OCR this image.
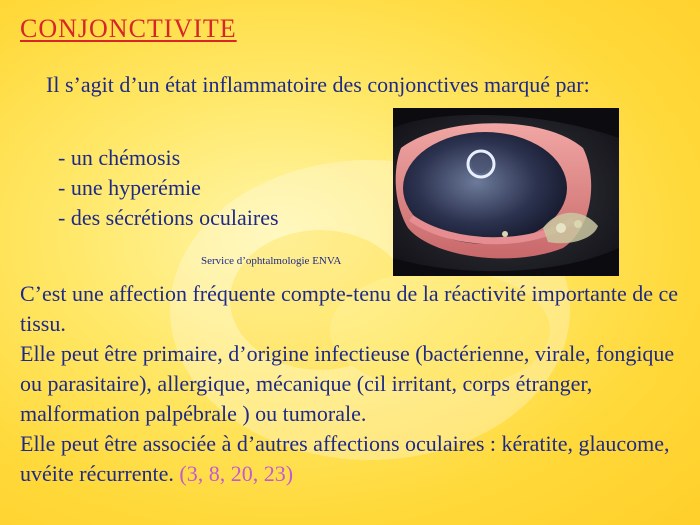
CONJONCTIVITE

Il s’agit d’un état inflammatoire des conjonctives marqué par:

- un chémosis
- une hyperémie
- des sécrétions oculaires

Service d’ophtalmologie ENVA

C’est une affection fréquente compte-tenu de la réactivité importante de ce tissu.

Elle peut être primaire, d’origine infectieuse (bactérienne, virale, fongique ou parasitaire), allergique, mécanique (cil irritant, corps étranger, malformation palpébrale ) ou tumorale.

Elle peut être associée à d’autres affections oculaires : kératite, glaucome, uvéite récurrente. (3, 8, 20, 23)
